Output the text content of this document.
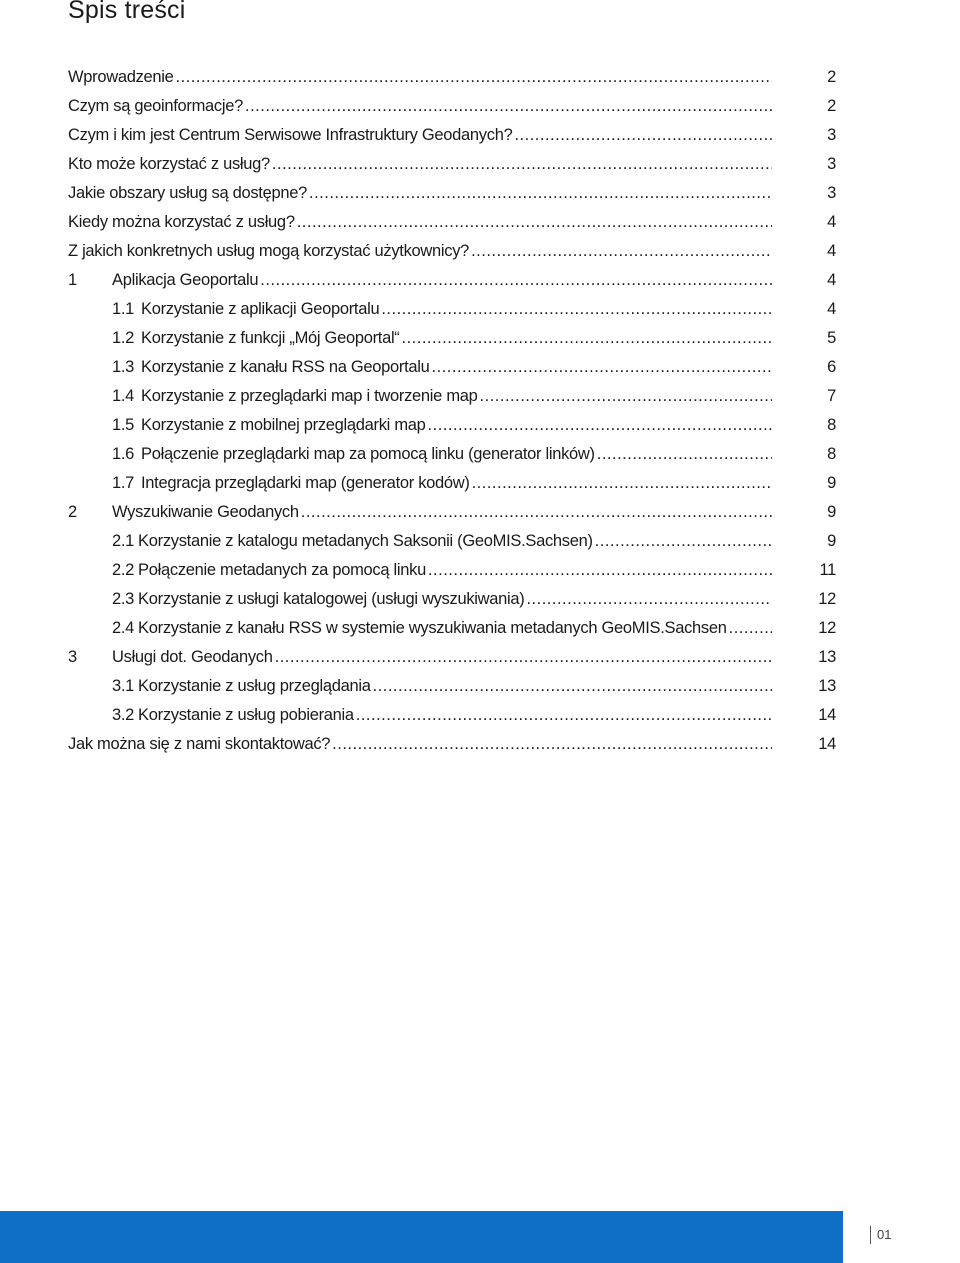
Spis treści
Wprowadzenie .....	2
Czym są geoinformacje? .....	2
Czym i kim jest Centrum Serwisowe Infrastruktury Geodanych? .....	3
Kto może korzystać z usług? .....	3
Jakie obszary usług są dostępne? .....	3
Kiedy można korzystać z usług? .....	4
Z jakich konkretnych usług mogą korzystać użytkownicy? .....	4
1	Aplikacja Geoportalu .....	4
1.1 Korzystanie z aplikacji Geoportalu .....	4
1.2 Korzystanie z funkcji „Mój Geoportal“ .....	5
1.3 Korzystanie z kanału RSS na Geoportalu .....	6
1.4 Korzystanie z przeglądarki map i tworzenie map .....	7
1.5 Korzystanie z mobilnej przeglądarki map .....	8
1.6 Połączenie przeglądarki map za pomocą linku (generator linków) .....	8
1.7 Integracja przeglądarki map (generator kodów) .....	9
2	Wyszukiwanie Geodanych .....	9
2.1 Korzystanie z katalogu metadanych Saksonii (GeoMIS.Sachsen) .....	9
2.2 Połączenie metadanych za pomocą linku .....	11
2.3 Korzystanie z usługi katalogowej (usługi wyszukiwania) .....	12
2.4 Korzystanie z kanału RSS w systemie wyszukiwania metadanych GeoMIS.Sachsen .....	12
3	Usługi dot. Geodanych .....	13
3.1 Korzystanie z usług przeglądania .....	13
3.2 Korzystanie z usług pobierania .....	14
Jak można się z nami skontaktować? .....	14
01
